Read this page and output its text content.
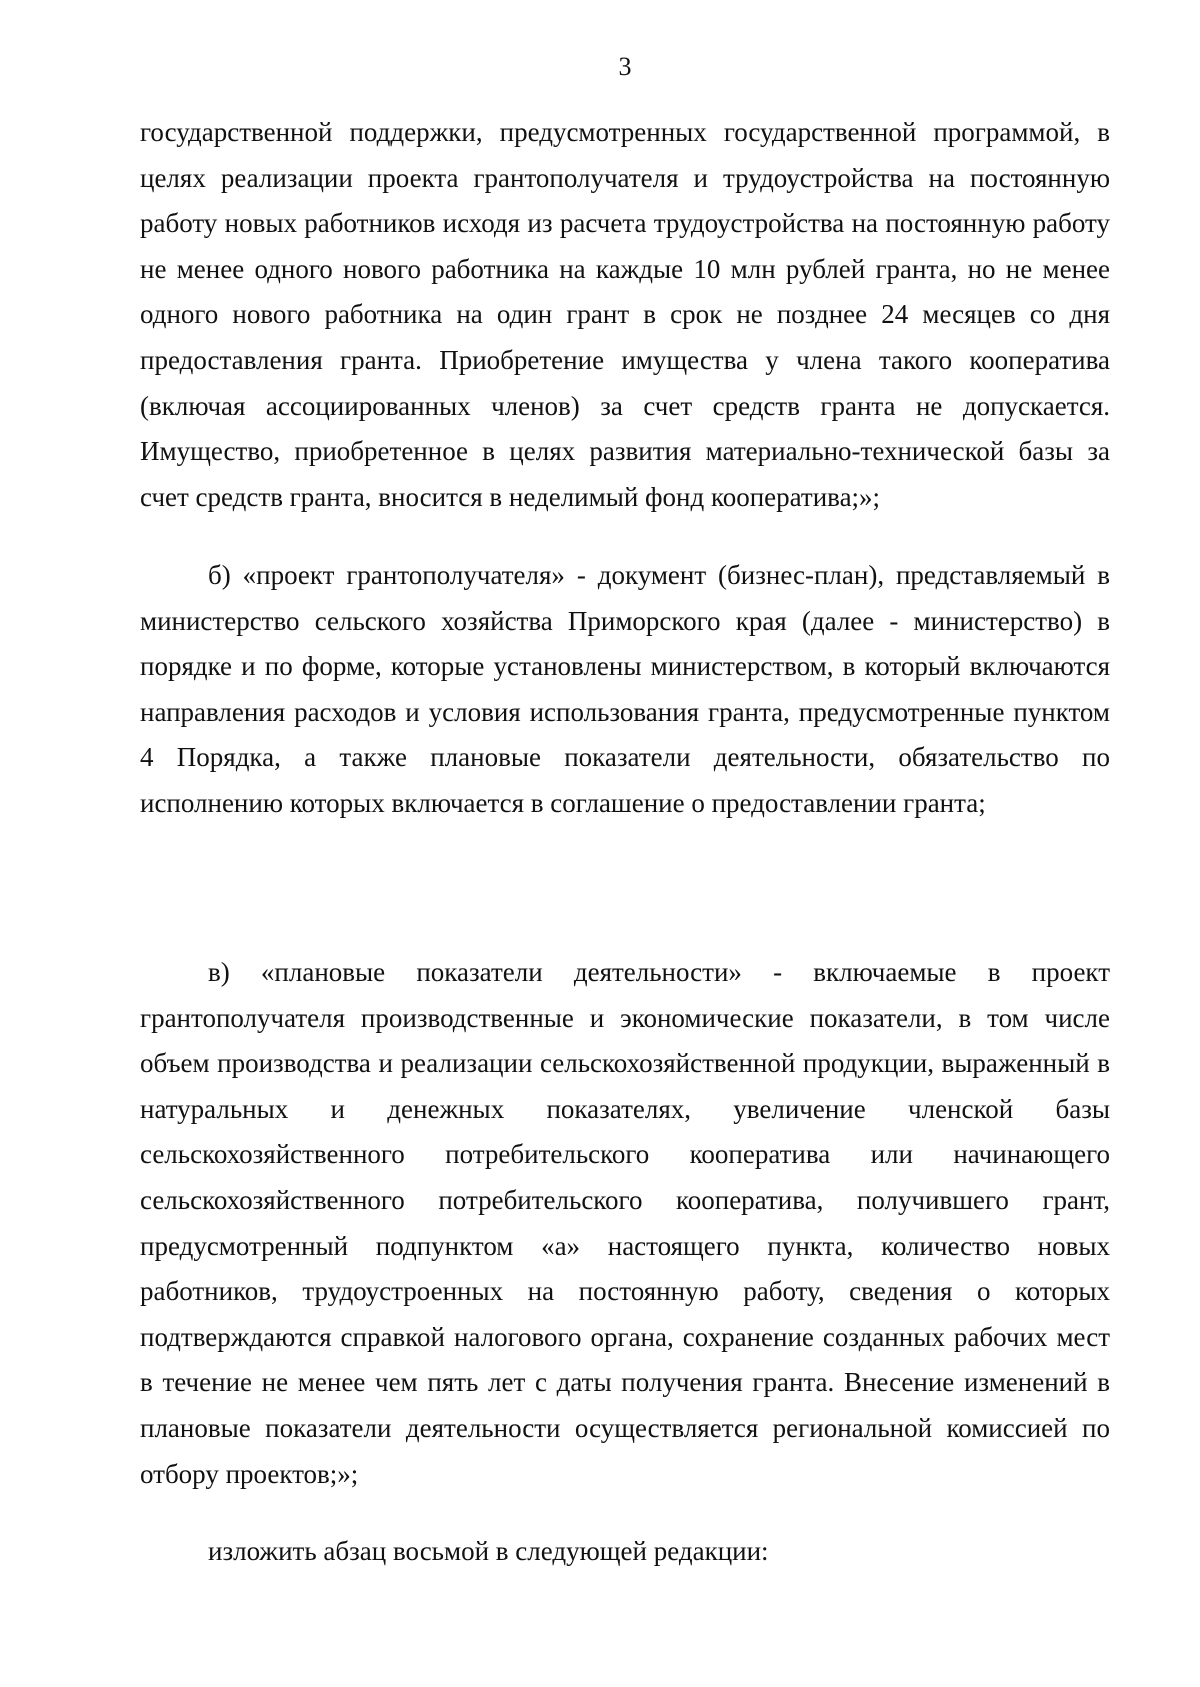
3

государственной поддержки, предусмотренных государственной программой, в целях реализации проекта грантополучателя и трудоустройства на постоянную работу новых работников исходя из расчета трудоустройства на постоянную работу не менее одного нового работника на каждые 10 млн рублей гранта, но не менее одного нового работника на один грант в срок не позднее 24 месяцев со дня предоставления гранта. Приобретение имущества у члена такого кооператива (включая ассоциированных членов) за счет средств гранта не допускается. Имущество, приобретенное в целях развития материально-технической базы за счет средств гранта, вносится в неделимый фонд кооператива;»;

б) «проект грантополучателя» - документ (бизнес-план), представляемый в министерство сельского хозяйства Приморского края (далее - министерство) в порядке и по форме, которые установлены министерством, в который включаются направления расходов и условия использования гранта, предусмотренные пунктом 4 Порядка, а также плановые показатели деятельности, обязательство по исполнению которых включается в соглашение о предоставлении гранта;

в) «плановые показатели деятельности» - включаемые в проект грантополучателя производственные и экономические показатели, в том числе объем производства и реализации сельскохозяйственной продукции, выраженный в натуральных и денежных показателях, увеличение членской базы сельскохозяйственного потребительского кооператива или начинающего сельскохозяйственного потребительского кооператива, получившего грант, предусмотренный подпунктом «а» настоящего пункта, количество новых работников, трудоустроенных на постоянную работу, сведения о которых подтверждаются справкой налогового органа, сохранение созданных рабочих мест в течение не менее чем пять лет с даты получения гранта. Внесение изменений в плановые показатели деятельности осуществляется региональной комиссией по отбору проектов;»;

изложить абзац восьмой в следующей редакции:
